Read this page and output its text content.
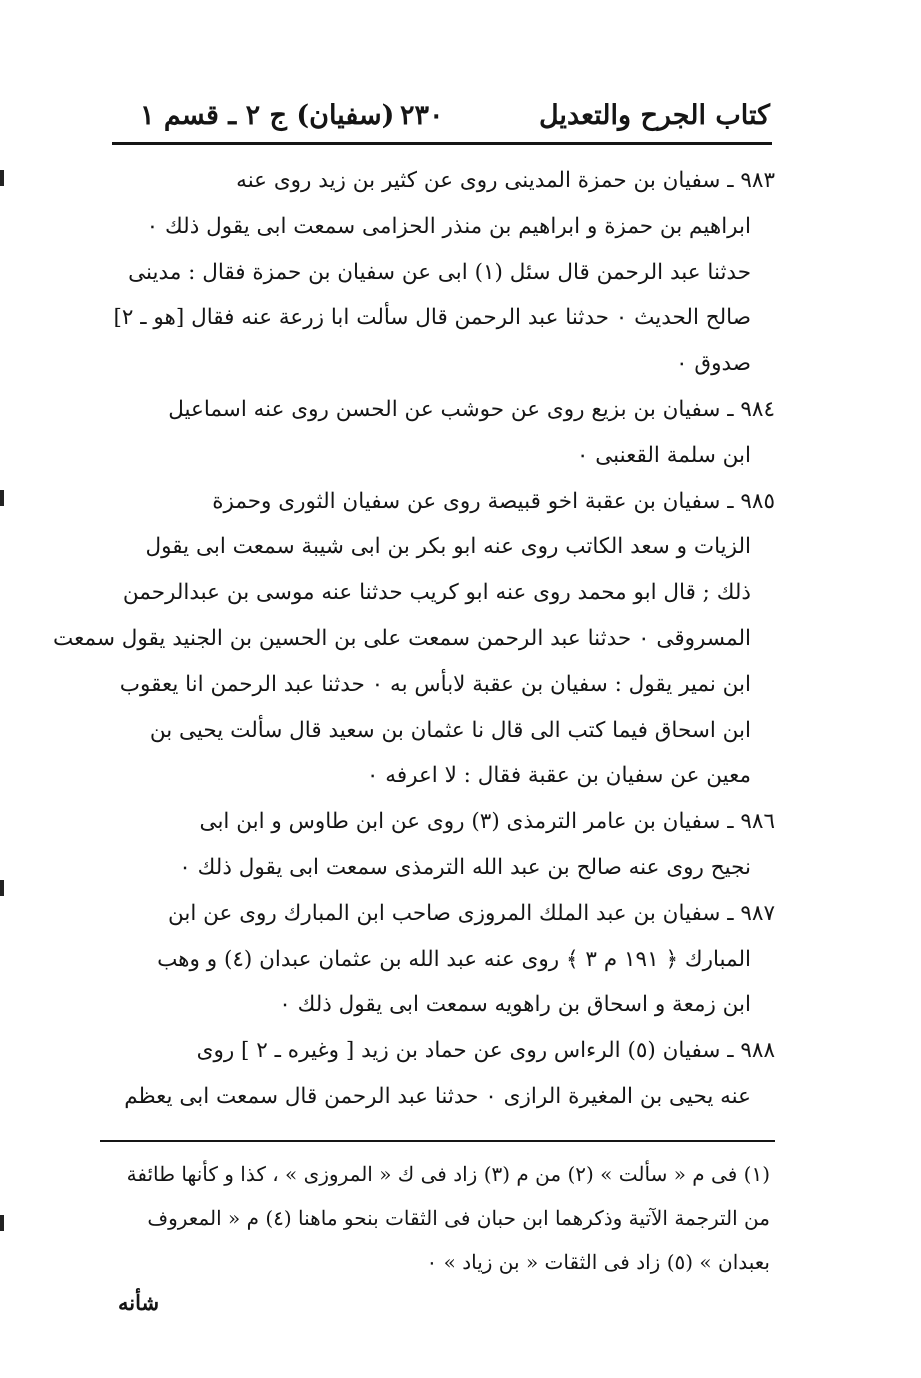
كتاب الجرح والتعديل
٢٣٠
(سفيان) ج ٢ ـ قسم ١
٩٨٣ ـ سفيان بن حمزة المدينى روى عن كثير بن زيد روى عنه
ابراهيم بن حمزة و ابراهيم بن منذر الحزامى سمعت ابى يقول ذلك ٠
حدثنا عبد الرحمن قال سئل (١) ابى عن سفيان بن حمزة فقال : مدينى
صالح الحديث ٠ حدثنا عبد الرحمن قال سألت ابا زرعة عنه فقال [هو ـ ٢]
صدوق ٠
٩٨٤ ـ سفيان بن بزيع روى عن حوشب عن الحسن روى عنه اسماعيل
ابن سلمة القعنبى ٠
٩٨٥ ـ سفيان بن عقبة اخو قبيصة روى عن سفيان الثورى وحمزة
الزيات و سعد الكاتب روى عنه ابو بكر بن ابى شيبة سمعت ابى يقول
ذلك ; قال ابو محمد روى عنه ابو كريب حدثنا عنه موسى بن عبدالرحمن
المسروقى ٠ حدثنا عبد الرحمن سمعت على بن الحسين بن الجنيد يقول سمعت
ابن نمير يقول : سفيان بن عقبة لابأس به ٠ حدثنا عبد الرحمن انا يعقوب
ابن اسحاق فيما كتب الى قال نا عثمان بن سعيد قال سألت يحيى بن
معين عن سفيان بن عقبة فقال : لا اعرفه ٠
٩٨٦ ـ سفيان بن عامر الترمذى (٣) روى عن ابن طاوس و ابن ابى
نجيح روى عنه صالح بن عبد الله الترمذى سمعت ابى يقول ذلك ٠
٩٨٧ ـ سفيان بن عبد الملك المروزى صاحب ابن المبارك روى عن ابن
المبارك ﴿ ١٩١ م ٣ ﴾ روى عنه عبد الله بن عثمان عبدان (٤) و وهب
ابن زمعة و اسحاق بن راهويه سمعت ابى يقول ذلك ٠
٩٨٨ ـ سفيان (٥) الرءاس روى عن حماد بن زيد [ وغيره ـ ٢ ] روى
عنه يحيى بن المغيرة الرازى ٠ حدثنا عبد الرحمن قال سمعت ابى يعظم
(١) فى م « سألت » (٢) من م (٣) زاد فى ك « المروزى » ، كذا و كأنها طائفة
من الترجمة الآتية وذكرهما ابن حبان فى الثقات بنحو ماهنا (٤) م « المعروف
بعبدان » (٥) زاد فى الثقات « بن زياد » ٠
شأنه
